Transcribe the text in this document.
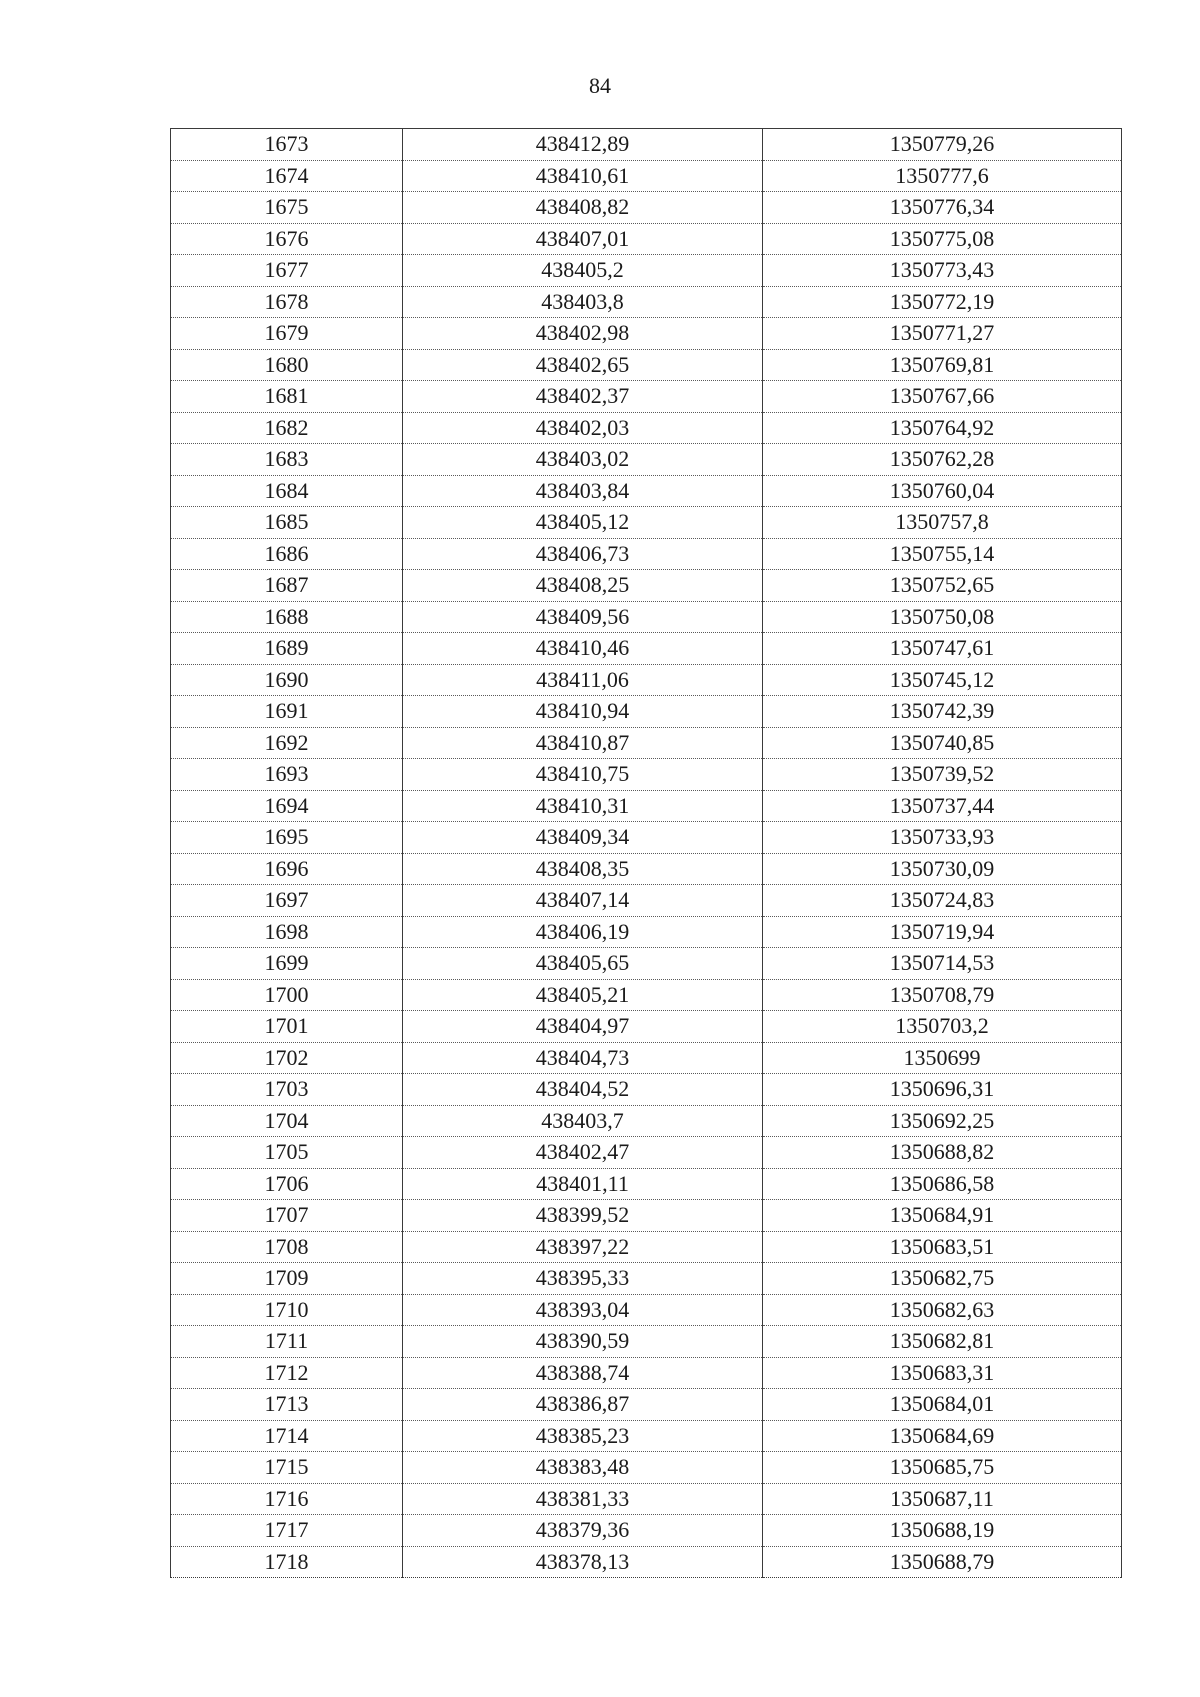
84
1673	438412,89	1350779,26
1674	438410,61	1350777,6
1675	438408,82	1350776,34
1676	438407,01	1350775,08
1677	438405,2	1350773,43
1678	438403,8	1350772,19
1679	438402,98	1350771,27
1680	438402,65	1350769,81
1681	438402,37	1350767,66
1682	438402,03	1350764,92
1683	438403,02	1350762,28
1684	438403,84	1350760,04
1685	438405,12	1350757,8
1686	438406,73	1350755,14
1687	438408,25	1350752,65
1688	438409,56	1350750,08
1689	438410,46	1350747,61
1690	438411,06	1350745,12
1691	438410,94	1350742,39
1692	438410,87	1350740,85
1693	438410,75	1350739,52
1694	438410,31	1350737,44
1695	438409,34	1350733,93
1696	438408,35	1350730,09
1697	438407,14	1350724,83
1698	438406,19	1350719,94
1699	438405,65	1350714,53
1700	438405,21	1350708,79
1701	438404,97	1350703,2
1702	438404,73	1350699
1703	438404,52	1350696,31
1704	438403,7	1350692,25
1705	438402,47	1350688,82
1706	438401,11	1350686,58
1707	438399,52	1350684,91
1708	438397,22	1350683,51
1709	438395,33	1350682,75
1710	438393,04	1350682,63
1711	438390,59	1350682,81
1712	438388,74	1350683,31
1713	438386,87	1350684,01
1714	438385,23	1350684,69
1715	438383,48	1350685,75
1716	438381,33	1350687,11
1717	438379,36	1350688,19
1718	438378,13	1350688,79
